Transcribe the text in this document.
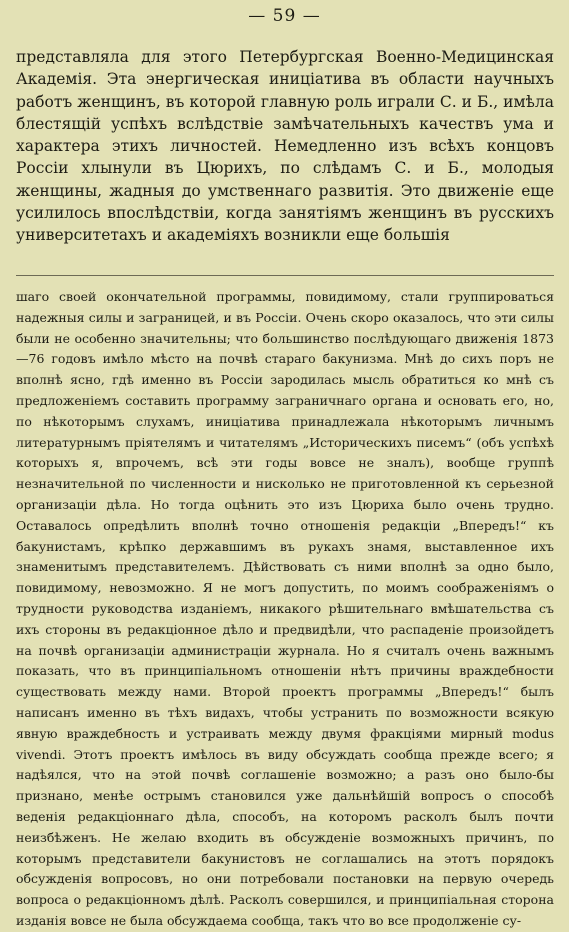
— 59 —

представляла для этого Петербургская Военно-Медицинская Академія. Эта энергическая иниціатива въ области научныхъ работъ женщинъ, въ которой главную роль играли С. и Б., имѣла блестящій успѣхъ вслѣдствіе замѣчательныхъ качествъ ума и характера этихъ личностей. Немедленно изъ всѣхъ концовъ Россіи хлынули въ Цюрихъ, по слѣдамъ С. и Б., молодыя женщины, жадныя до умственнаго развитія. Это движеніе еще усилилось впослѣдствіи, когда занятіямъ женщинъ въ русскихъ университетахъ и академіяхъ возникли еще большія

шаго своей окончательной программы, повидимому, стали группироваться надежныя силы и заграницей, и въ Россіи. Очень скоро оказалось, что эти силы были не особенно значительны; что большинство послѣдующаго движенія 1873—76 годовъ имѣло мѣсто на почвѣ стараго бакунизма. Мнѣ до сихъ поръ не вполнѣ ясно, гдѣ именно въ Россіи зародилась мысль обратиться ко мнѣ съ предложеніемъ составить программу заграничнаго органа и основать его, но, по нѣкоторымъ слухамъ, иниціатива принадлежала нѣкоторымъ личнымъ литературнымъ пріятелямъ и читателямъ „Историческихъ писемъ“ (объ успѣхѣ которыхъ я, впрочемъ, всѣ эти годы вовсе не зналъ), вообще группѣ незначительной по численности и нисколько не приготовленной къ серьезной организаціи дѣла. Но тогда оцѣнить это изъ Цюриха было очень трудно. Оставалось опредѣлить вполнѣ точно отношенія редакціи „Впередъ!“ къ бакунистамъ, крѣпко державшимъ въ рукахъ знамя, выставленное ихъ знаменитымъ представителемъ. Дѣйствовать съ ними вполнѣ за одно было, повидимому, невозможно. Я не могъ допустить, по моимъ соображеніямъ о трудности руководства изданіемъ, никакого рѣшительнаго вмѣшательства съ ихъ стороны въ редакціонное дѣло и предвидѣли, что распаденіе произойдетъ на почвѣ организаціи администраціи журнала. Но я считалъ очень важнымъ показать, что въ принципіальномъ отношеніи нѣтъ причины враждебности существовать между нами. Второй проектъ программы „Впередъ!“ былъ написанъ именно въ тѣхъ видахъ, чтобы устранить по возможности всякую явную враждебность и устраивать между двумя фракціями мирный modus vivendi. Этотъ проектъ имѣлось въ виду обсуждать сообща прежде всего; я надѣялся, что на этой почвѣ соглашеніе возможно; а разъ оно было-бы признано, менѣе острымъ становился уже дальнѣйшій вопросъ о способѣ веденія редакціоннаго дѣла, способъ, на которомъ расколъ былъ почти неизбѣженъ. Не желаю входить въ обсужденіе возможныхъ причинъ, по которымъ представители бакунистовъ не соглашались на этотъ порядокъ обсужденія вопросовъ, но они потребовали постановки на первую очередь вопроса о редакціонномъ дѣлѣ. Расколъ совершился, и принципіальная сторона изданія вовсе не была обсуждаема сообща, такъ что во все продолженіе су-
